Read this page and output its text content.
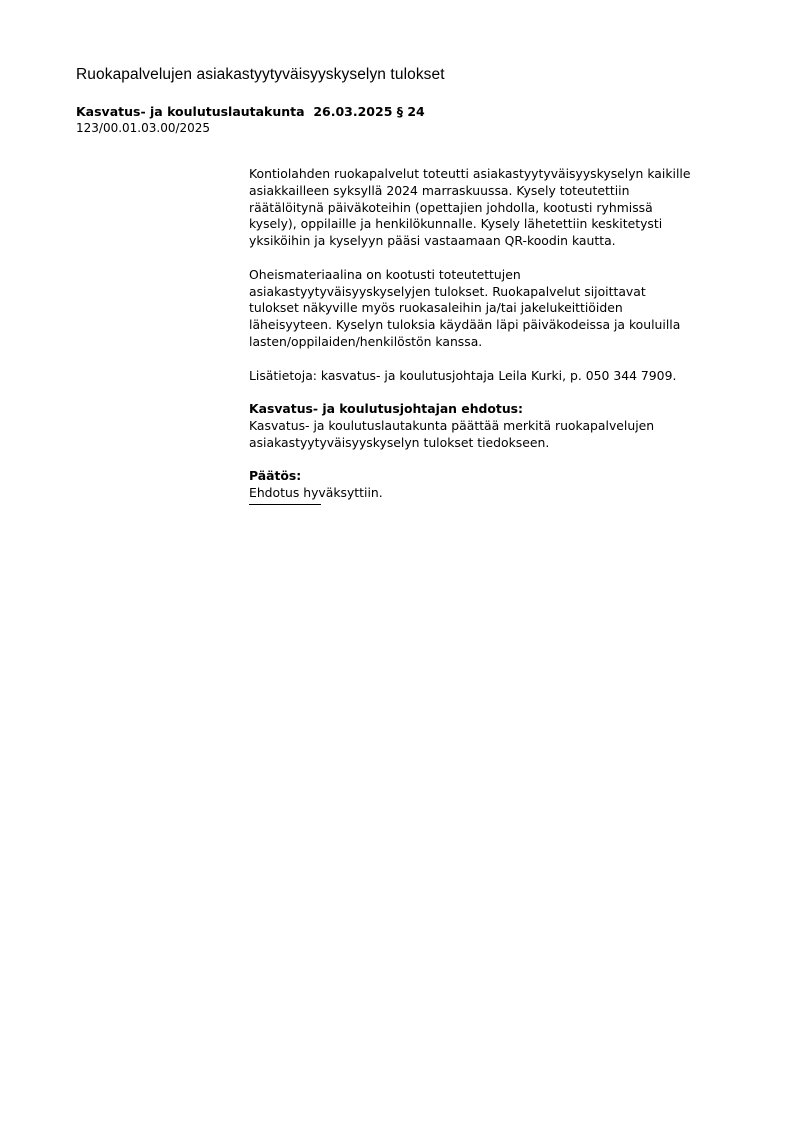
Ruokapalvelujen asiakastyytyväisyyskyselyn tulokset
Kasvatus- ja koulutuslautakunta 26.03.2025 § 24
123/00.01.03.00/2025

Kontiolahden ruokapalvelut toteutti asiakastyytyväisyyskyselyn kaikille
asiakkailleen syksyllä 2024 marraskuussa. Kysely toteutettiin
räätälöitynä päiväkoteihin (opettajien johdolla, kootusti ryhmissä
kysely), oppilaille ja henkilökunnalle. Kysely lähetettiin keskitetysti
yksiköihin ja kyselyyn pääsi vastaamaan QR-koodin kautta.

Oheismateriaalina on kootusti toteutettujen
asiakastyytyväisyyskyselyjen tulokset. Ruokapalvelut sijoittavat
tulokset näkyville myös ruokasaleihin ja/tai jakelukeittiöiden
läheisyyteen. Kyselyn tuloksia käydään läpi päiväkodeissa ja kouluilla
lasten/oppilaiden/henkilöstön kanssa.

Lisätietoja: kasvatus- ja koulutusjohtaja Leila Kurki, p. 050 344 7909.

Kasvatus- ja koulutusjohtajan ehdotus:
Kasvatus- ja koulutuslautakunta päättää merkitä ruokapalvelujen
asiakastyytyväisyyskyselyn tulokset tiedokseen.

Päätös:
Ehdotus hyväksyttiin.
